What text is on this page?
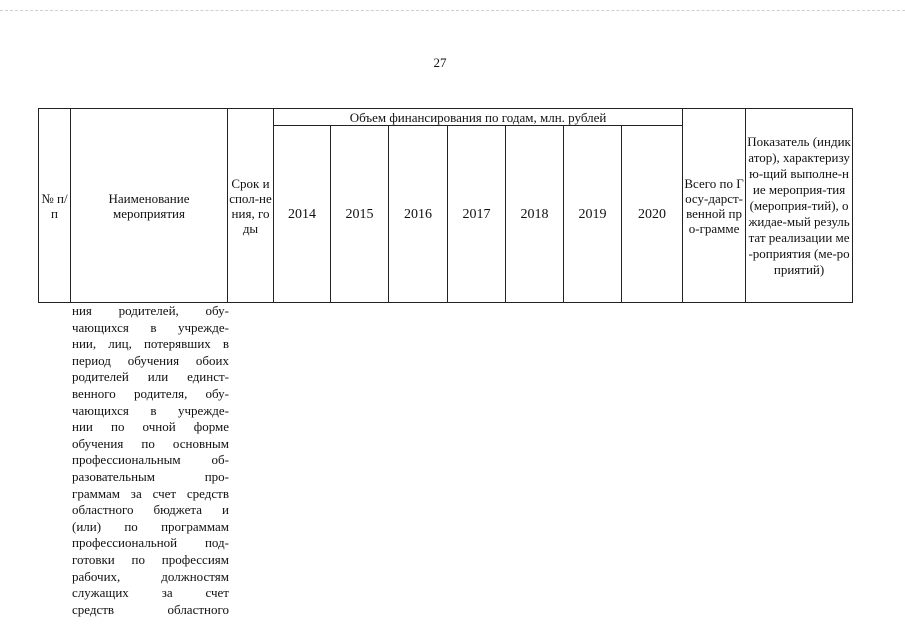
27
№ п/п	Наименование мероприятия	Срок испол-нения, годы	Объем финансирования по годам, млн. рублей							Всего по Госу-дарст-венной про-грамме	Показатель (индикатор), характеризую-щий выполне-ние мероприя-тия (мероприя-тий), ожидае-мый результат реализации ме-роприятия (ме-роприятий)
			2014	2015	2016	2017	2018	2019	2020		
ния родителей, обу-
чающихся в учрежде-
нии, лиц, потерявших в
период обучения обоих
родителей или единст-
венного родителя, обу-
чающихся в учрежде-
нии по очной форме
обучения по основным
профессиональным об-
разовательным про-
граммам за счет средств
областного бюджета и
(или) по программам
профессиональной под-
готовки по профессиям
рабочих, должностям
служащих за счет
средств областного
